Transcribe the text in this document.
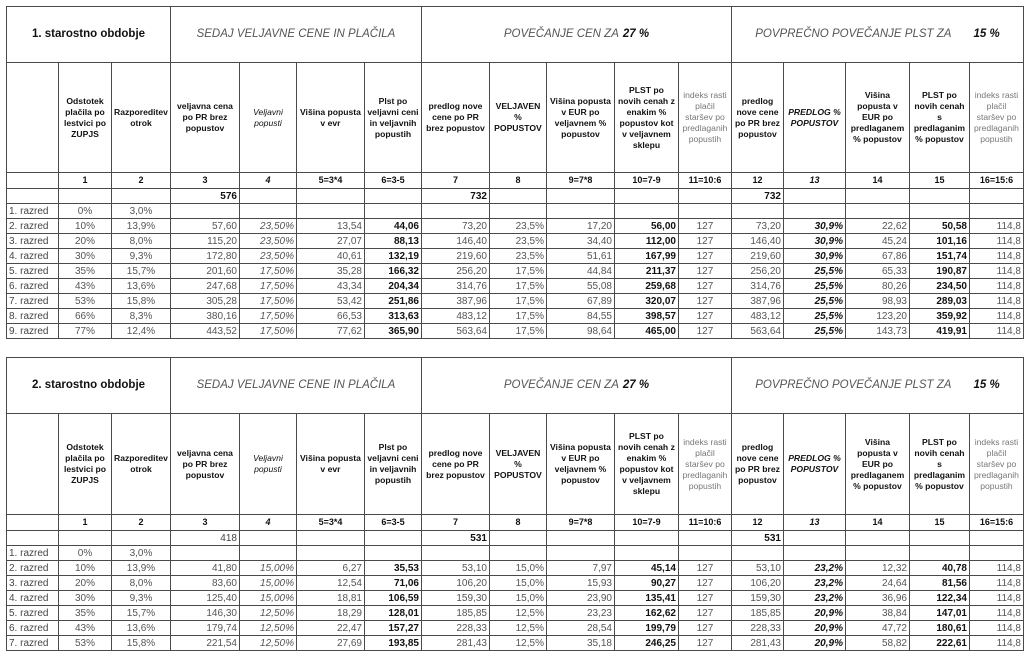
1. starostno obdobje			SEDAJ VELJAVNE CENE IN PLAČILA				POVEČANJE CEN ZA 27 %					POVPREČNO POVEČANJE PLST ZA 15 %				
	Odstotek plačila po lestvici po ZUPJS	Razporeditev otrok	veljavna cena po PR brez popustov	Veljavni popusti	Višina popusta v evr	Plst po veljavni ceni in veljavnih popustih	predlog nove cene po PR brez popustov	VELJAVEN % POPUSTOV	Višina popusta v EUR po veljavnem % popustov	PLST po novih cenah z enakim % popustov kot v veljavnem sklepu	indeks rasti plačil staršev po predlaganih popustih	predlog nove cene po PR brez popustov	PREDLOG % POPUSTOV	Višina popusta v EUR po predlaganem % popustov	PLST po novih cenah s predlaganim % popustov	indeks rasti plačil staršev po predlaganih popustih
	1	2	3	4	5=3*4	6=3-5	7	8	9=7*8	10=7-9	11=10:6	12	13	14	15	16=15:6
			576				732					732				
1. razred	0%	3,0%														
2. razred	10%	13,9%	57,60	23,50%	13,54	44,06	73,20	23,5%	17,20	56,00	127	73,20	30,9%	22,62	50,58	114,8
3. razred	20%	8,0%	115,20	23,50%	27,07	88,13	146,40	23,5%	34,40	112,00	127	146,40	30,9%	45,24	101,16	114,8
4. razred	30%	9,3%	172,80	23,50%	40,61	132,19	219,60	23,5%	51,61	167,99	127	219,60	30,9%	67,86	151,74	114,8
5. razred	35%	15,7%	201,60	17,50%	35,28	166,32	256,20	17,5%	44,84	211,37	127	256,20	25,5%	65,33	190,87	114,8
6. razred	43%	13,6%	247,68	17,50%	43,34	204,34	314,76	17,5%	55,08	259,68	127	314,76	25,5%	80,26	234,50	114,8
7. razred	53%	15,8%	305,28	17,50%	53,42	251,86	387,96	17,5%	67,89	320,07	127	387,96	25,5%	98,93	289,03	114,8
8. razred	66%	8,3%	380,16	17,50%	66,53	313,63	483,12	17,5%	84,55	398,57	127	483,12	25,5%	123,20	359,92	114,8
9. razred	77%	12,4%	443,52	17,50%	77,62	365,90	563,64	17,5%	98,64	465,00	127	563,64	25,5%	143,73	419,91	114,8
2. starostno obdobje			SEDAJ VELJAVNE CENE IN PLAČILA				POVEČANJE CEN ZA 27 %					POVPREČNO POVEČANJE PLST ZA 15 %				
	Odstotek plačila po lestvici po ZUPJS	Razporeditev otrok	veljavna cena po PR brez popustov	Veljavni popusti	Višina popusta v evr	Plst po veljavni ceni in veljavnih popustih	predlog nove cene po PR brez popustov	VELJAVEN % POPUSTOV	Višina popusta v EUR po veljavnem % popustov	PLST po novih cenah z enakim % popustov kot v veljavnem sklepu	indeks rasti plačil staršev po predlaganih popustih	predlog nove cene po PR brez popustov	PREDLOG % POPUSTOV	Višina popusta v EUR po predlaganem % popustov	PLST po novih cenah s predlaganim % popustov	indeks rasti plačil staršev po predlaganih popustih
	1	2	3	4	5=3*4	6=3-5	7	8	9=7*8	10=7-9	11=10:6	12	13	14	15	16=15:6
			418				531					531				
1. razred	0%	3,0%														
2. razred	10%	13,9%	41,80	15,00%	6,27	35,53	53,10	15,0%	7,97	45,14	127	53,10	23,2%	12,32	40,78	114,8
3. razred	20%	8,0%	83,60	15,00%	12,54	71,06	106,20	15,0%	15,93	90,27	127	106,20	23,2%	24,64	81,56	114,8
4. razred	30%	9,3%	125,40	15,00%	18,81	106,59	159,30	15,0%	23,90	135,41	127	159,30	23,2%	36,96	122,34	114,8
5. razred	35%	15,7%	146,30	12,50%	18,29	128,01	185,85	12,5%	23,23	162,62	127	185,85	20,9%	38,84	147,01	114,8
6. razred	43%	13,6%	179,74	12,50%	22,47	157,27	228,33	12,5%	28,54	199,79	127	228,33	20,9%	47,72	180,61	114,8
7. razred	53%	15,8%	221,54	12,50%	27,69	193,85	281,43	12,5%	35,18	246,25	127	281,43	20,9%	58,82	222,61	114,8
